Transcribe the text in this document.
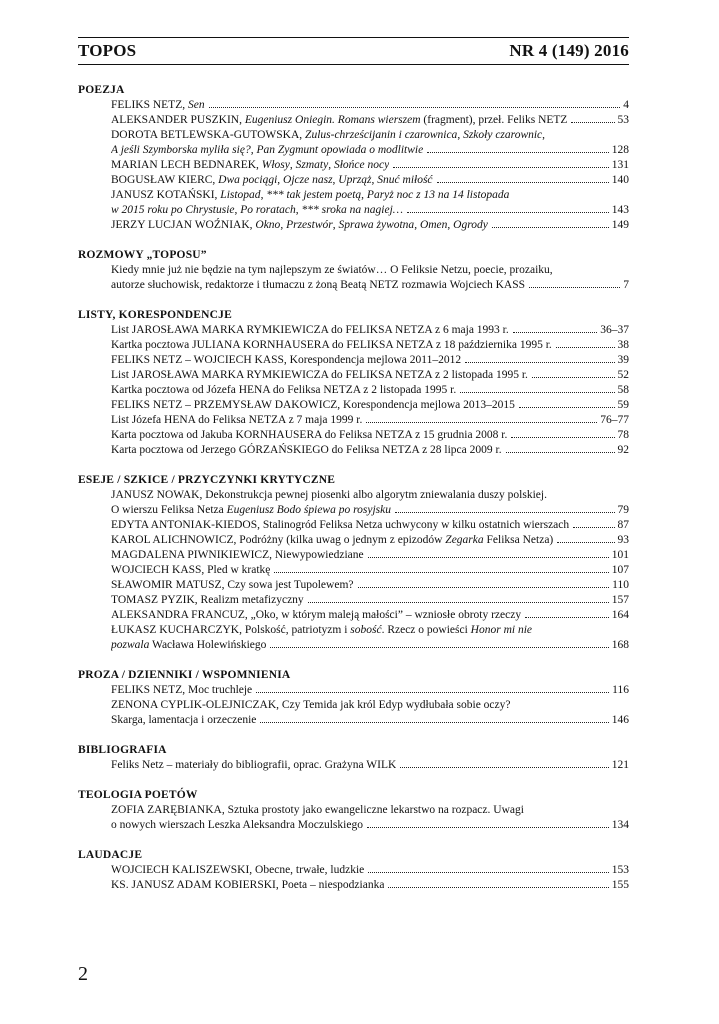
TOPOS	NR 4 (149) 2016
POEZJA
FELIKS NETZ, Sen	4
ALEKSANDER PUSZKIN, Eugeniusz Oniegin. Romans wierszem (fragment), przeł. Feliks NETZ	53
DOROTA BETLEWSKA-GUTOWSKA, Zulus-chrześcijanin i czarownica, Szkoły czarownic,
A jeśli Szymborska myliła się?, Pan Zygmunt opowiada o modlitwie	128
MARIAN LECH BEDNAREK, Włosy, Szmaty, Słońce nocy	131
BOGUSŁAW KIERC, Dwa pociągi, Ojcze nasz, Uprząż, Snuć miłość	140
JANUSZ KOTAŃSKI, Listopad, *** tak jestem poetą, Paryż noc z 13 na 14 listopada
w 2015 roku po Chrystusie, Po roratach, *** sroka na nagiej…	143
JERZY LUCJAN WOŹNIAK, Okno, Przestwór, Sprawa żywotna, Omen, Ogrody	149
ROZMOWY „TOPOSU”
Kiedy mnie już nie będzie na tym najlepszym ze światów… O Feliksie Netzu, poecie, prozaiku,
autorze słuchowisk, redaktorze i tłumaczu z żoną Beatą NETZ rozmawia Wojciech KASS	7
LISTY, KORESPONDENCJE
List JAROSŁAWA MARKA RYMKIEWICZA do FELIKSA NETZA z 6 maja 1993 r.	36–37
Kartka pocztowa JULIANA KORNHAUSERA do FELIKSA NETZA z 18 października 1995 r.	38
FELIKS NETZ – WOJCIECH KASS, Korespondencja mejlowa 2011–2012	39
List JAROSŁAWA MARKA RYMKIEWICZA do FELIKSA NETZA z 2 listopada 1995 r.	52
Kartka pocztowa od Józefa HENA do Feliksa NETZA z 2 listopada 1995 r.	58
FELIKS NETZ – PRZEMYSŁAW DAKOWICZ, Korespondencja mejlowa 2013–2015	59
List Józefa HENA do Feliksa NETZA z 7 maja 1999 r.	76–77
Karta pocztowa od Jakuba KORNHAUSERA do Feliksa NETZA z 15 grudnia 2008 r.	78
Karta pocztowa od Jerzego GÓRZAŃSKIEGO do Feliksa NETZA z 28 lipca 2009 r.	92
ESEJE / SZKICE / PRZYCZYNKI KRYTYCZNE
JANUSZ NOWAK, Dekonstrukcja pewnej piosenki albo algorytm zniewalania duszy polskiej.
O wierszu Feliksa Netza Eugeniusz Bodo śpiewa po rosyjsku	79
EDYTA ANTONIAK-KIEDOS, Stalinogród Feliksa Netza uchwycony w kilku ostatnich wierszach	87
KAROL ALICHNOWICZ, Podróżny (kilka uwag o jednym z epizodów Zegarka Feliksa Netza)	93
MAGDALENA PIWNIKIEWICZ, Niewypowiedziane	101
WOJCIECH KASS, Pled w kratkę	107
SŁAWOMIR MATUSZ, Czy sowa jest Tupolewem?	110
TOMASZ PYZIK, Realizm metafizyczny	157
ALEKSANDRA FRANCUZ, „Oko, w którym maleją małości” – wzniosłe obroty rzeczy	164
ŁUKASZ KUCHARCZYK, Polskość, patriotyzm i sobość. Rzecz o powieści Honor mi nie
pozwala Wacława Holewińskiego	168
PROZA / DZIENNIKI / WSPOMNIENIA
FELIKS NETZ, Moc truchleje	116
ZENONA CYPLIK-OLEJNICZAK, Czy Temida jak król Edyp wydłubała sobie oczy?
Skarga, lamentacja i orzeczenie	146
BIBLIOGRAFIA
Feliks Netz – materiały do bibliografii, oprac. Grażyna WILK	121
TEOLOGIA POETÓW
ZOFIA ZARĘBIANKA, Sztuka prostoty jako ewangeliczne lekarstwo na rozpacz. Uwagi
o nowych wierszach Leszka Aleksandra Moczulskiego	134
LAUDACJE
WOJCIECH KALISZEWSKI, Obecne, trwałe, ludzkie	153
KS. JANUSZ ADAM KOBIERSKI, Poeta – niespodzianka	155
2
